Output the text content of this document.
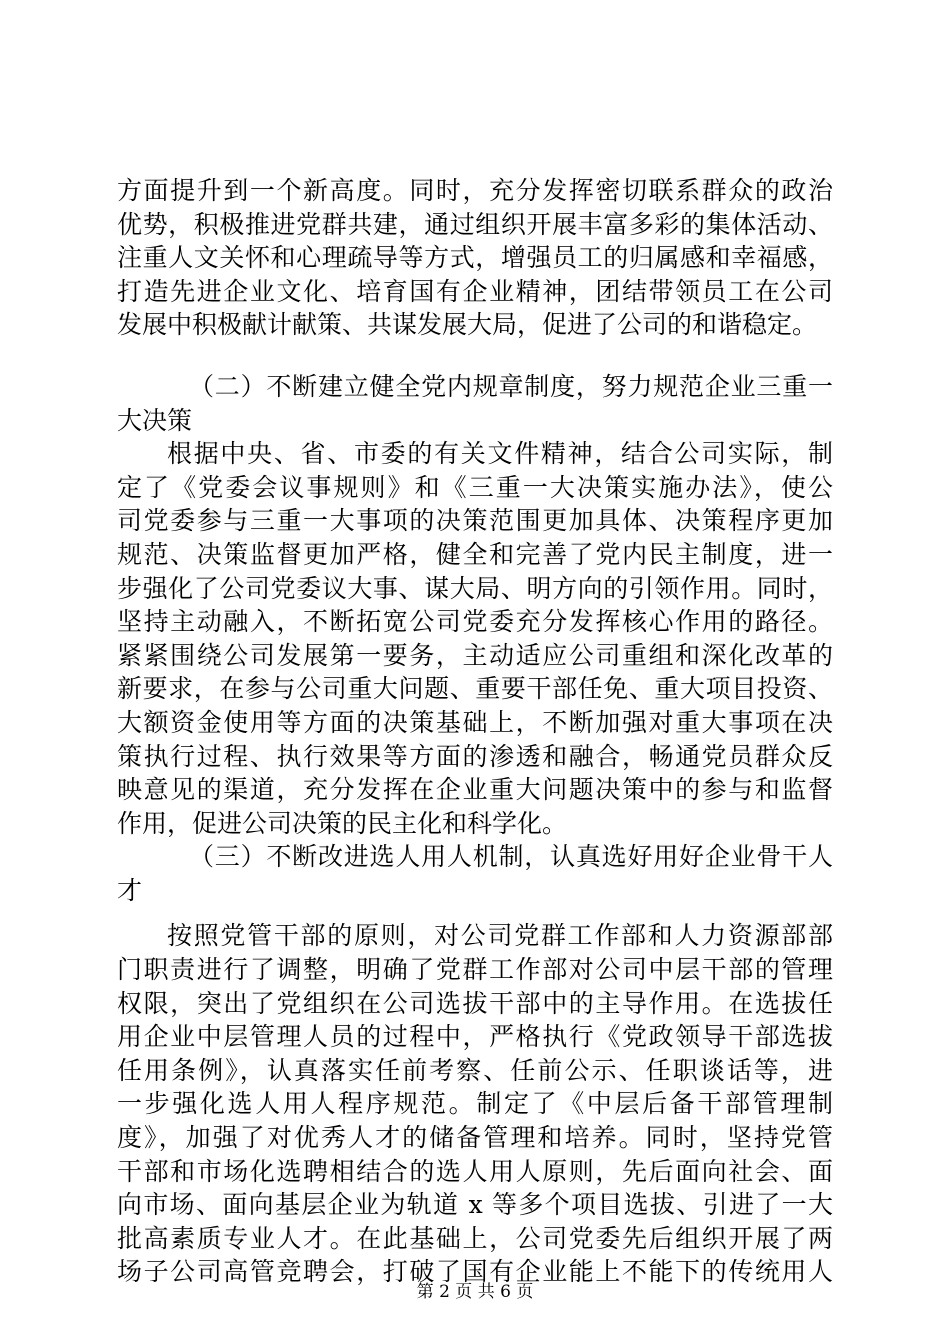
方面提升到一个新高度。同时，充分发挥密切联系群众的政治
优势，积极推进党群共建，通过组织开展丰富多彩的集体活动、
注重人文关怀和心理疏导等方式，增强员工的归属感和幸福感，
打造先进企业文化、培育国有企业精神，团结带领员工在公司
发展中积极献计献策、共谋发展大局，促进了公司的和谐稳定。
（二）不断建立健全党内规章制度，努力规范企业三重一
大决策
根据中央、省、市委的有关文件精神，结合公司实际，制
定了《党委会议事规则》和《三重一大决策实施办法》，使公
司党委参与三重一大事项的决策范围更加具体、决策程序更加
规范、决策监督更加严格，健全和完善了党内民主制度，进一
步强化了公司党委议大事、谋大局、明方向的引领作用。同时，
坚持主动融入，不断拓宽公司党委充分发挥核心作用的路径。
紧紧围绕公司发展第一要务，主动适应公司重组和深化改革的
新要求，在参与公司重大问题、重要干部任免、重大项目投资、
大额资金使用等方面的决策基础上，不断加强对重大事项在决
策执行过程、执行效果等方面的渗透和融合，畅通党员群众反
映意见的渠道，充分发挥在企业重大问题决策中的参与和监督
作用，促进公司决策的民主化和科学化。
（三）不断改进选人用人机制，认真选好用好企业骨干人
才
按照党管干部的原则，对公司党群工作部和人力资源部部
门职责进行了调整，明确了党群工作部对公司中层干部的管理
权限，突出了党组织在公司选拔干部中的主导作用。在选拔任
用企业中层管理人员的过程中，严格执行《党政领导干部选拔
任用条例》，认真落实任前考察、任前公示、任职谈话等，进
一步强化选人用人程序规范。制定了《中层后备干部管理制
度》，加强了对优秀人才的储备管理和培养。同时，坚持党管
干部和市场化选聘相结合的选人用人原则，先后面向社会、面
向市场、面向基层企业为轨道 x 等多个项目选拔、引进了一大
批高素质专业人才。在此基础上，公司党委先后组织开展了两
场子公司高管竞聘会，打破了国有企业能上不能下的传统用人
第 2 页 共 6 页
